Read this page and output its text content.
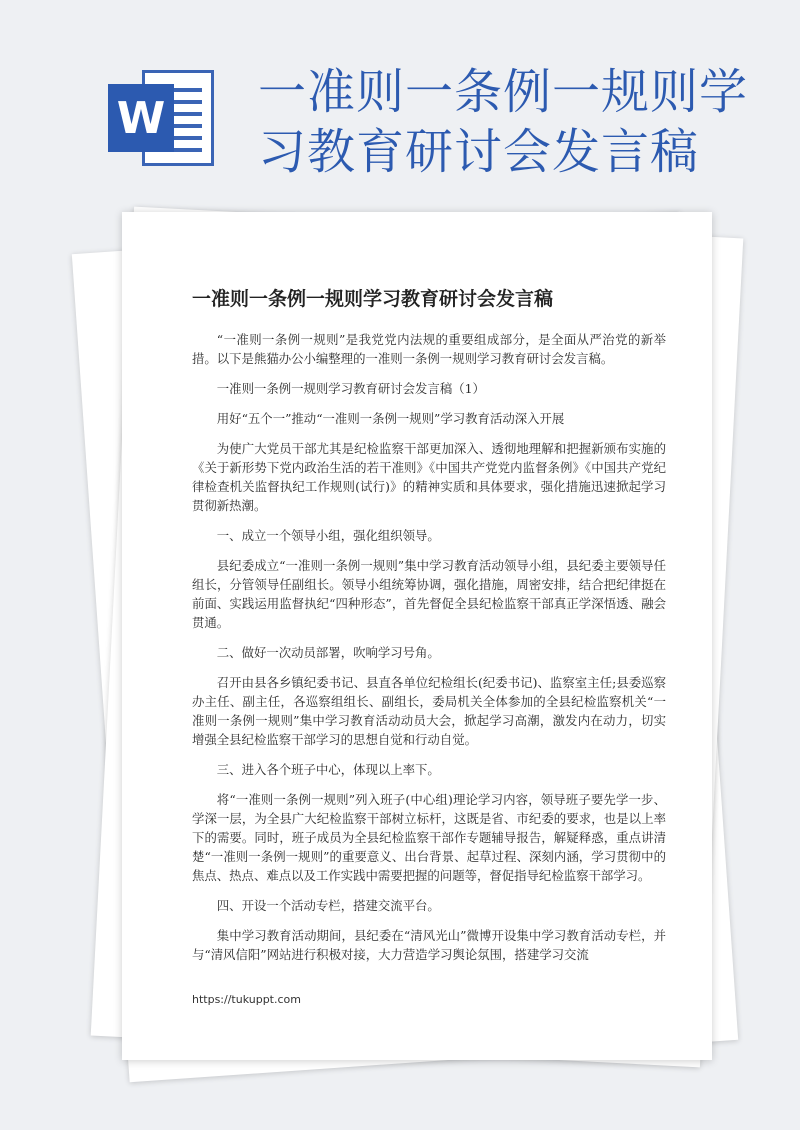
W 一准则一条例一规则学习教育研讨会发言稿
一准则一条例一规则学习教育研讨会发言稿

“一准则一条例一规则”是我党党内法规的重要组成部分，是全面从严治党的新举措。以下是熊猫办公小编整理的一准则一条例一规则学习教育研讨会发言稿。

一准则一条例一规则学习教育研讨会发言稿（1）

用好“五个一”推动“一准则一条例一规则”学习教育活动深入开展

为使广大党员干部尤其是纪检监察干部更加深入、透彻地理解和把握新颁布实施的《关于新形势下党内政治生活的若干准则》《中国共产党党内监督条例》《中国共产党纪律检查机关监督执纪工作规则(试行)》的精神实质和具体要求，强化措施迅速掀起学习贯彻新热潮。

一、成立一个领导小组，强化组织领导。

县纪委成立“一准则一条例一规则”集中学习教育活动领导小组，县纪委主要领导任组长，分管领导任副组长。领导小组统筹协调，强化措施，周密安排，结合把纪律挺在前面、实践运用监督执纪“四种形态”，首先督促全县纪检监察干部真正学深悟透、融会贯通。

二、做好一次动员部署，吹响学习号角。

召开由县各乡镇纪委书记、县直各单位纪检组长(纪委书记)、监察室主任;县委巡察办主任、副主任，各巡察组组长、副组长，委局机关全体参加的全县纪检监察机关“一准则一条例一规则”集中学习教育活动动员大会，掀起学习高潮，激发内在动力，切实增强全县纪检监察干部学习的思想自觉和行动自觉。

三、进入各个班子中心，体现以上率下。

将“一准则一条例一规则”列入班子(中心组)理论学习内容，领导班子要先学一步、学深一层，为全县广大纪检监察干部树立标杆，这既是省、市纪委的要求，也是以上率下的需要。同时，班子成员为全县纪检监察干部作专题辅导报告，解疑释惑，重点讲清楚“一准则一条例一规则”的重要意义、出台背景、起草过程、深刻内涵，学习贯彻中的焦点、热点、难点以及工作实践中需要把握的问题等，督促指导纪检监察干部学习。

四、开设一个活动专栏，搭建交流平台。

集中学习教育活动期间，县纪委在“清风光山”微博开设集中学习教育活动专栏，并与“清风信阳”网站进行积极对接，大力营造学习舆论氛围，搭建学习交流

https://tukuppt.com
